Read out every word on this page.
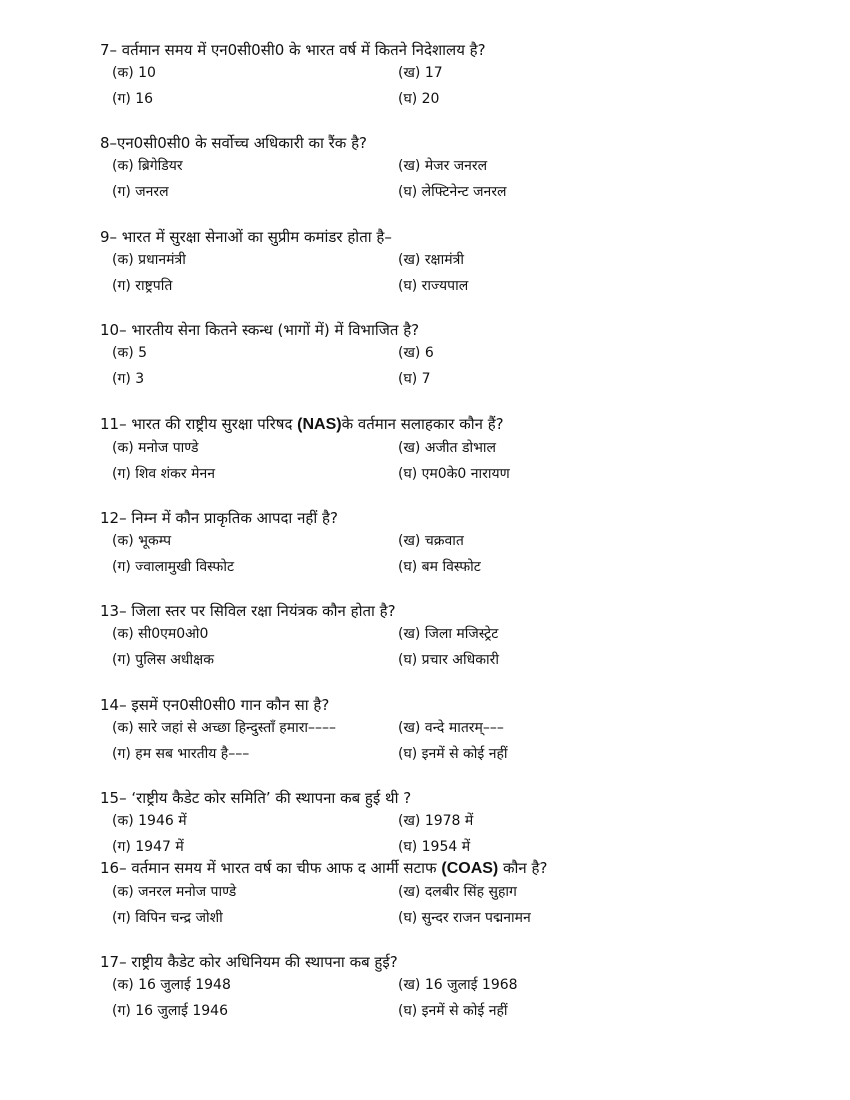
7– वर्तमान समय में एन0सी0सी0 के भारत वर्ष में कितने निदेशालय है?
(क) 10	(ख) 17
(ग) 16	(घ) 20
8–एन0सी0सी0 के सर्वोच्च अधिकारी का रैंक है?
(क) ब्रिगेडियर	(ख) मेजर जनरल
(ग) जनरल	(घ) लेफ्टिनेन्ट जनरल
9– भारत में सुरक्षा सेनाओं का सुप्रीम कमांडर होता है–
(क) प्रधानमंत्री	(ख) रक्षामंत्री
(ग) राष्ट्रपति	(घ) राज्यपाल
10– भारतीय सेना कितने स्कन्ध (भागों में) में विभाजित है?
(क) 5	(ख) 6
(ग) 3	(घ) 7
11– भारत की राष्ट्रीय सुरक्षा परिषद (NAS)के वर्तमान सलाहकार कौन हैं?
(क) मनोज पाण्डे	(ख) अजीत डोभाल
(ग) शिव शंकर मेनन	(घ) एम0के0 नारायण
12– निम्न में कौन प्राकृतिक आपदा नहीं है?
(क) भूकम्प	(ख) चक्रवात
(ग) ज्वालामुखी विस्फोट	(घ) बम विस्फोट
13– जिला स्तर पर सिविल रक्षा नियंत्रक कौन होता है?
(क) सी0एम0ओ0	(ख) जिला मजिस्ट्रेट
(ग) पुलिस अधीक्षक	(घ) प्रचार अधिकारी
14– इसमें एन0सी0सी0 गान कौन सा है?
(क) सारे जहां से अच्छा हिन्दुस्ताँ हमारा––––	(ख) वन्दे मातरम्–––
(ग) हम सब भारतीय है–––	(घ) इनमें से कोई नहीं
15– ‘राष्ट्रीय कैडेट कोर समिति’ की स्थापना कब हुई थी ?
(क) 1946 में	(ख) 1978 में
(ग) 1947 में	(घ) 1954 में
16– वर्तमान समय में भारत वर्ष का चीफ आफ द आर्मी सटाफ (COAS) कौन है?
(क) जनरल मनोज पाण्डे	(ख) दलबीर सिंह सुहाग
(ग) विपिन चन्द्र जोशी	(घ) सुन्दर राजन पद्मनामन
17– राष्ट्रीय कैडेट कोर अधिनियम की स्थापना कब हुई?
(क) 16 जुलाई 1948	(ख) 16 जुलाई 1968
(ग) 16 जुलाई 1946	(घ) इनमें से कोई नहीं
